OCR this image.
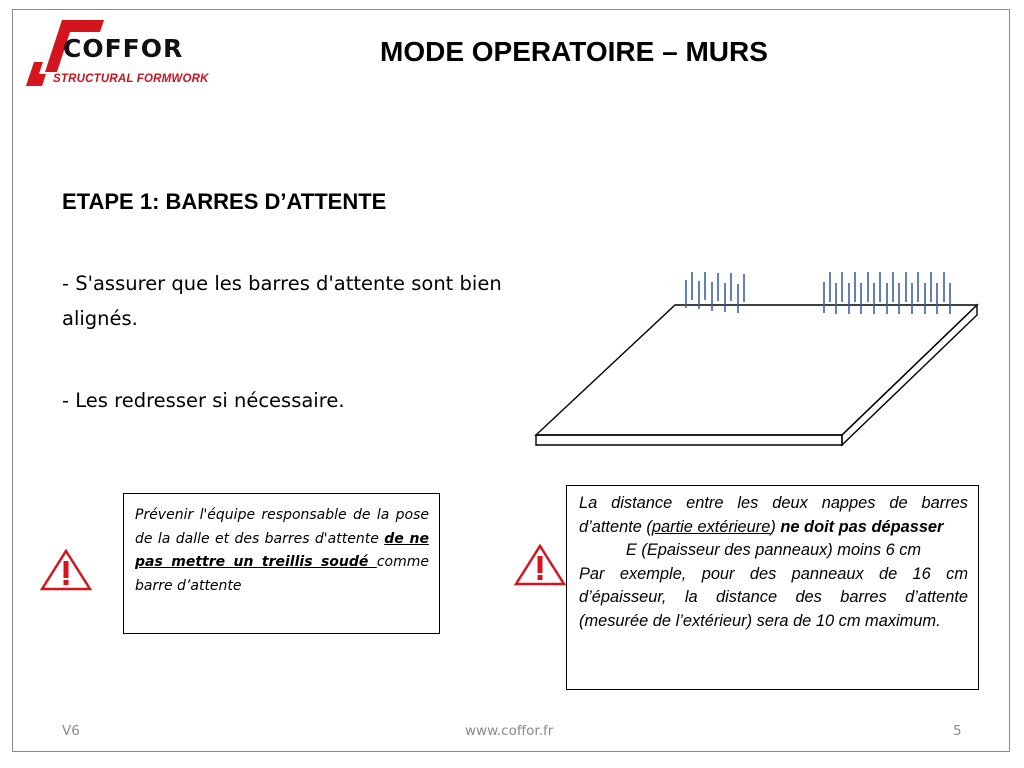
COFFOR
STRUCTURAL FORMWORK
MODE OPERATOIRE – MURS
ETAPE 1: BARRES D’ATTENTE
- S'assurer que les barres d'attente sont bien alignés.
- Les redresser si nécessaire.
Prévenir l'équipe responsable de la pose de la dalle et des barres d'attente de ne pas mettre un treillis soudé comme barre d’attente
La distance entre les deux nappes de barres d’attente (partie extérieure) ne doit pas dépasser
E (Epaisseur des panneaux) moins 6 cm
Par exemple, pour des panneaux de 16 cm d’épaisseur, la distance des barres d’attente (mesurée de l’extérieur) sera de 10 cm maximum.
V6	www.coffor.fr	5
